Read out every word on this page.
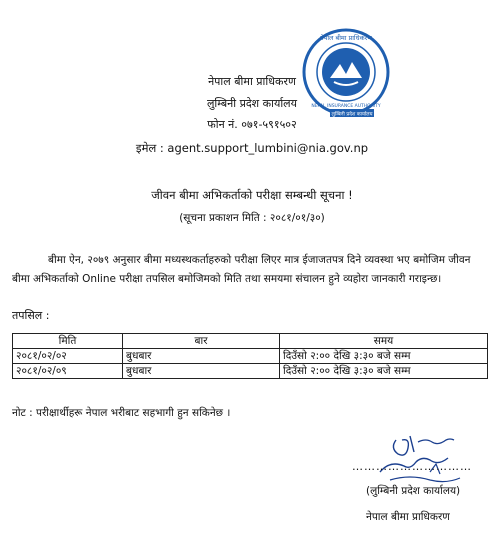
नेपाल बीमा प्राधिकरण
NEPAL INSURANCE AUTHORITY
लुम्बिनी प्रदेश कार्यालय
नेपाल बीमा प्राधिकरण
लुम्बिनी प्रदेश कार्यालय
फोन नं. ०७१-५९१५०२
इमेल : agent.support_lumbini@nia.gov.np
जीवन बीमा अभिकर्ताको परीक्षा सम्बन्धी सूचना !
(सूचना प्रकाशन मिति : २०८१/०१/३०)
बीमा ऐन, २०७९ अनुसार बीमा मध्यस्थकर्ताहरुको परीक्षा लिएर मात्र ईजाजतपत्र दिने व्यवस्था भए बमोजिम जीवन बीमा अभिकर्ताको Online परीक्षा तपसिल बमोजिमको मिति तथा समयमा संचालन हुने व्यहोरा जानकारी गराइन्छ।
तपसिल :
मिति	बार	समय
२०८१/०२/०२	बुधबार	दिउँसो २:०० देखि ३:३० बजे सम्म
२०८१/०२/०९	बुधबार	दिउँसो २:०० देखि ३:३० बजे सम्म
नोट : परीक्षार्थीहरू नेपाल भरीबाट सहभागी हुन सकिनेछ ।
…………………………
(लुम्बिनी प्रदेश कार्यालय)
नेपाल बीमा प्राधिकरण
